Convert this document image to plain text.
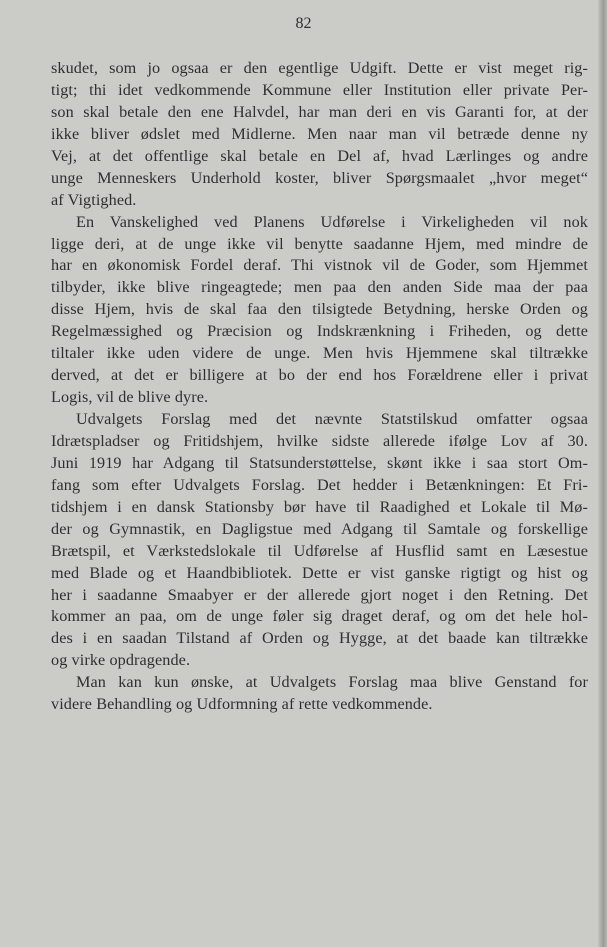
82
skudet, som jo ogsaa er den egentlige Udgift. Dette er vist meget rig-
tigt; thi idet vedkommende Kommune eller Institution eller private Per-
son skal betale den ene Halvdel, har man deri en vis Garanti for, at der
ikke bliver ødslet med Midlerne. Men naar man vil betræde denne ny
Vej, at det offentlige skal betale en Del af, hvad Lærlinges og andre
unge Menneskers Underhold koster, bliver Spørgsmaalet „hvor meget“
af Vigtighed.
En Vanskelighed ved Planens Udførelse i Virkeligheden vil nok
ligge deri, at de unge ikke vil benytte saadanne Hjem, med mindre de
har en økonomisk Fordel deraf. Thi vistnok vil de Goder, som Hjemmet
tilbyder, ikke blive ringeagtede; men paa den anden Side maa der paa
disse Hjem, hvis de skal faa den tilsigtede Betydning, herske Orden og
Regelmæssighed og Præcision og Indskrænkning i Friheden, og dette
tiltaler ikke uden videre de unge. Men hvis Hjemmene skal tiltrække
derved, at det er billigere at bo der end hos Forældrene eller i privat
Logis, vil de blive dyre.
Udvalgets Forslag med det nævnte Statstilskud omfatter ogsaa
Idrætspladser og Fritidshjem, hvilke sidste allerede ifølge Lov af 30.
Juni 1919 har Adgang til Statsunderstøttelse, skønt ikke i saa stort Om-
fang som efter Udvalgets Forslag. Det hedder i Betænkningen: Et Fri-
tidshjem i en dansk Stationsby bør have til Raadighed et Lokale til Mø-
der og Gymnastik, en Dagligstue med Adgang til Samtale og forskellige
Brætspil, et Værkstedslokale til Udførelse af Husflid samt en Læsestue
med Blade og et Haandbibliotek. Dette er vist ganske rigtigt og hist og
her i saadanne Smaabyer er der allerede gjort noget i den Retning. Det
kommer an paa, om de unge føler sig draget deraf, og om det hele hol-
des i en saadan Tilstand af Orden og Hygge, at det baade kan tiltrække
og virke opdragende.
Man kan kun ønske, at Udvalgets Forslag maa blive Genstand for
videre Behandling og Udformning af rette vedkommende.
